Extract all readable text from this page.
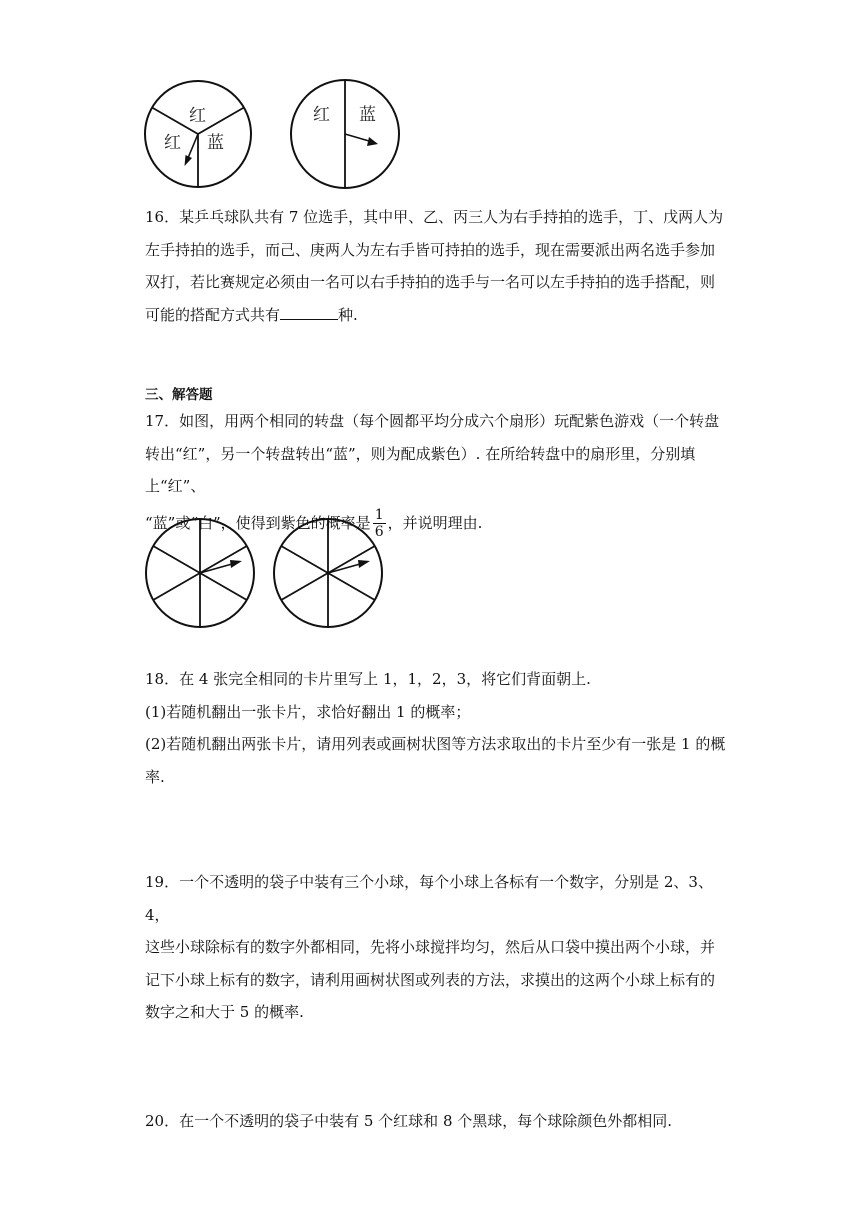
红
红 蓝
红 蓝
16．某乒乓球队共有 7 位选手，其中甲、乙、丙三人为右手持拍的选手，丁、戊两人为
左手持拍的选手，而己、庚两人为左右手皆可持拍的选手，现在需要派出两名选手参加
双打，若比赛规定必须由一名可以右手持拍的选手与一名可以左手持拍的选手搭配，则
可能的搭配方式共有	种.
三、解答题
17．如图，用两个相同的转盘（每个圆都平均分成六个扇形）玩配紫色游戏（一个转盘
转出“红”，另一个转盘转出“蓝”，则为配成紫色）. 在所给转盘中的扇形里，分别填上“红”、
“蓝”或“白”，使得到紫色的概率是 $\frac{1}{6}$ ，并说明理由.
18．在 4 张完全相同的卡片里写上 1，1，2，3，将它们背面朝上.
(1)若随机翻出一张卡片，求恰好翻出 1 的概率；
(2)若随机翻出两张卡片，请用列表或画树状图等方法求取出的卡片至少有一张是 1 的概
率.
19．一个不透明的袋子中装有三个小球，每个小球上各标有一个数字，分别是 2、3、4，
这些小球除标有的数字外都相同，先将小球搅拌均匀，然后从口袋中摸出两个小球，并
记下小球上标有的数字，请利用画树状图或列表的方法，求摸出的这两个小球上标有的
数字之和大于 5 的概率.
20．在一个不透明的袋子中装有 5 个红球和 8 个黑球，每个球除颜色外都相同.
